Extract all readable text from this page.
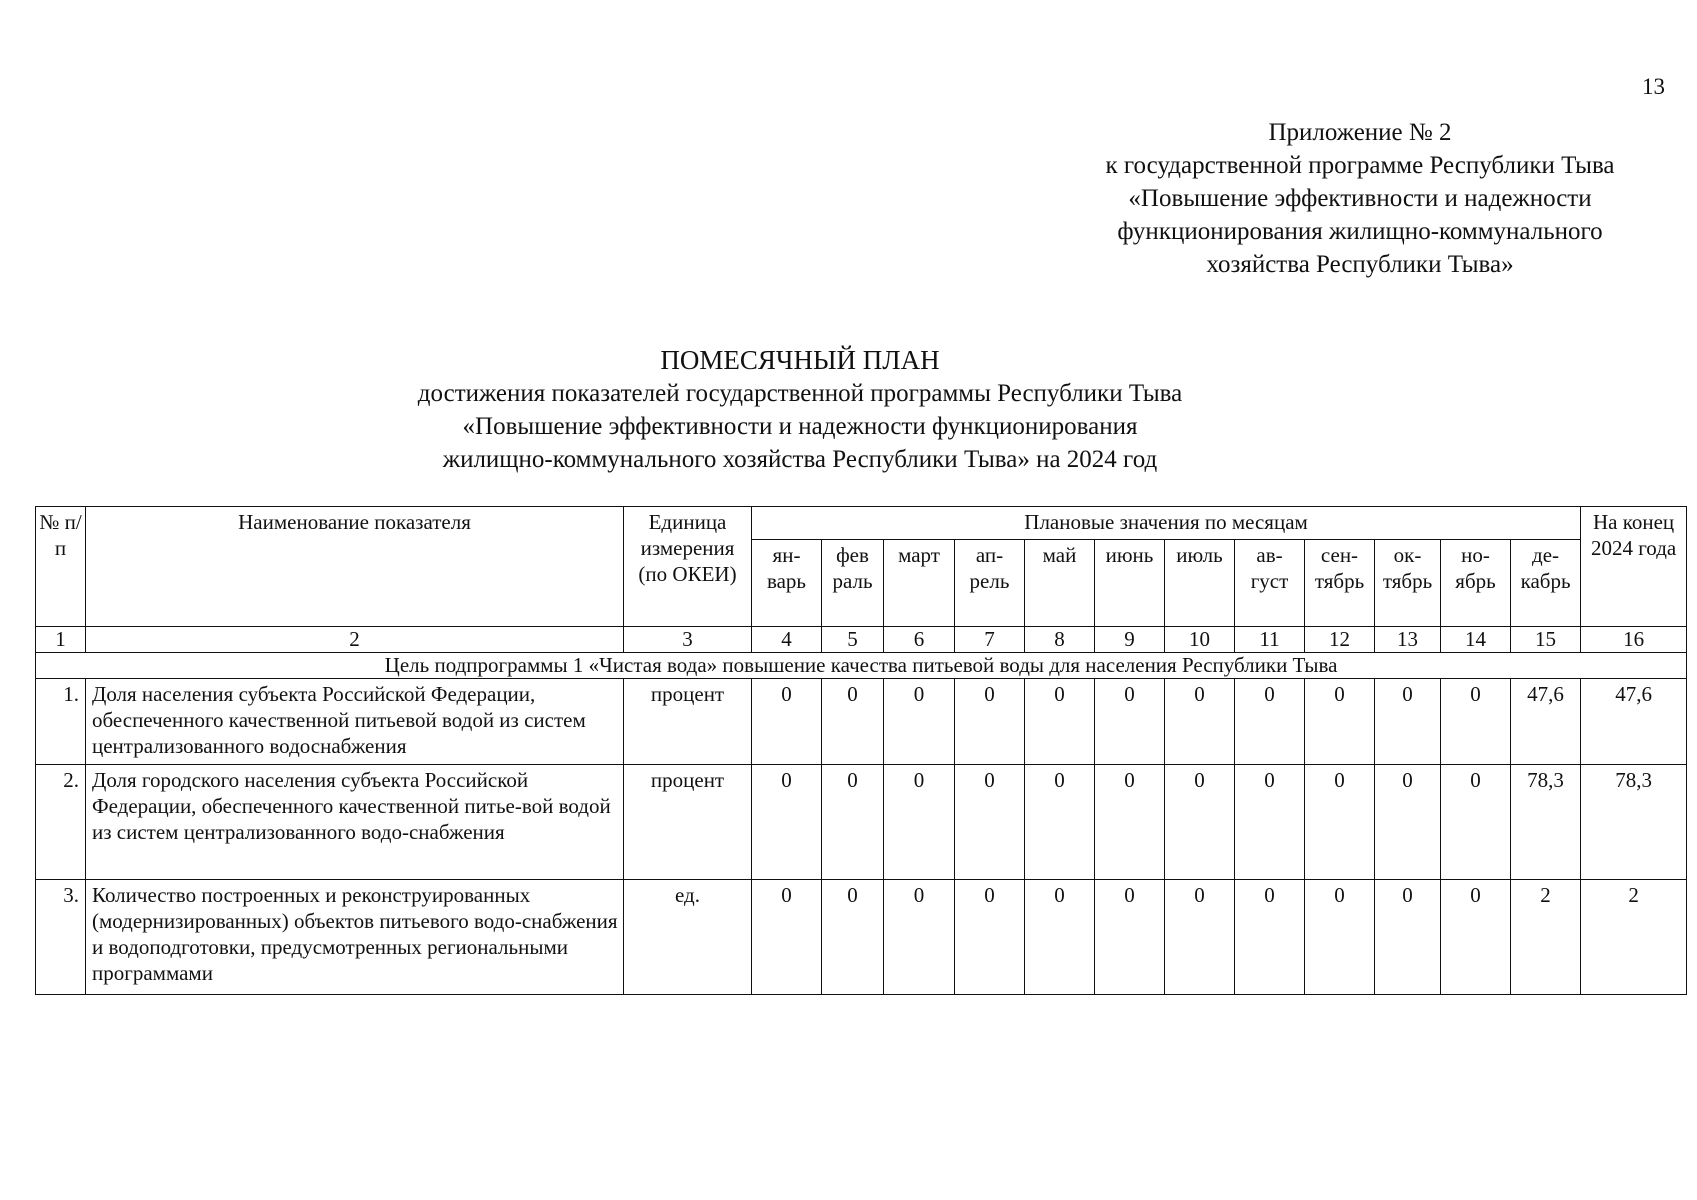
13
Приложение № 2
к государственной программе Республики Тыва
«Повышение эффективности и надежности
функционирования жилищно-коммунального
хозяйства Республики Тыва»
ПОМЕСЯЧНЫЙ ПЛАН
достижения показателей государственной программы Республики Тыва
«Повышение эффективности и надежности функционирования
жилищно-коммунального хозяйства Республики Тыва» на 2024 год
№ п/п	Наименование показателя	Единица измерения (по ОКЕИ)	Плановые значения по месяцам												На конец 2024 года
			ян- варь	фев раль	март	ап- рель	май	июнь	июль	ав- густ	сен- тябрь	ок- тябрь	но- ябрь	де- кабрь	
1	2	3	4	5	6	7	8	9	10	11	12	13	14	15	16
Цель подпрограммы 1 «Чистая вода» повышение качества питьевой воды для населения Республики Тыва															
1.	Доля населения субъекта Российской Федерации, обеспеченного качественной питьевой водой из систем централизованного водоснабжения	процент	0	0	0	0	0	0	0	0	0	0	0	47,6	47,6
2.	Доля городского населения субъекта Российской Федерации, обеспеченного качественной питье-вой водой из систем централизованного водо-снабжения	процент	0	0	0	0	0	0	0	0	0	0	0	78,3	78,3
3.	Количество построенных и реконструированных (модернизированных) объектов питьевого водо-снабжения и водоподготовки, предусмотренных региональными программами	ед.	0	0	0	0	0	0	0	0	0	0	0	2	2
